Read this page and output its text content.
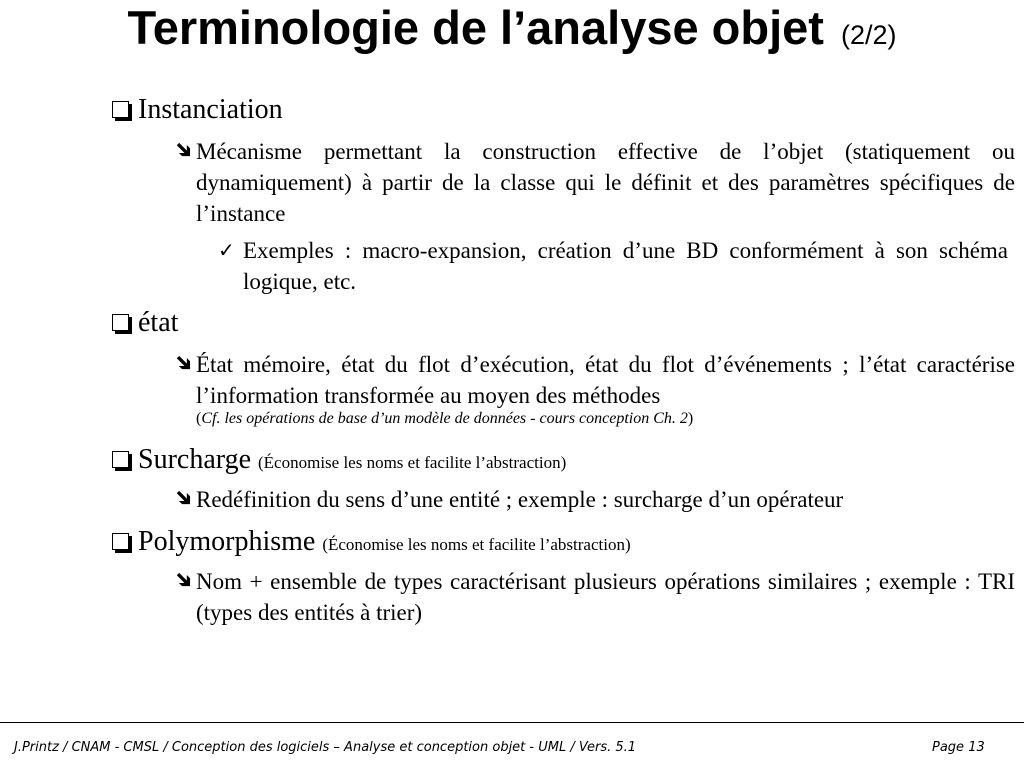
Terminologie de l’analyse objet (2/2)
Instanciation
➔
Mécanisme permettant la construction effective de l’objet (statiquement ou dynamiquement) à partir de la classe qui le définit et des paramètres spécifiques de l’instance
✓ Exemples : macro-expansion, création d’une BD conformément à son schéma logique, etc.
état
➔
État mémoire, état du flot d’exécution, état du flot d’événements ; l’état caractérise l’information transformée au moyen des méthodes
(Cf. les opérations de base d’un modèle de données - cours conception Ch. 2)
Surcharge (Économise les noms et facilite l’abstraction)
➔
Redéfinition du sens d’une entité ; exemple : surcharge d’un opérateur
Polymorphisme (Économise les noms et facilite l’abstraction)
➔
Nom + ensemble de types caractérisant plusieurs opérations similaires ; exemple : TRI (types des entités à trier)
J.Printz / CNAM - CMSL / Conception des logiciels – Analyse et conception objet - UML / Vers. 5.1	Page 13
